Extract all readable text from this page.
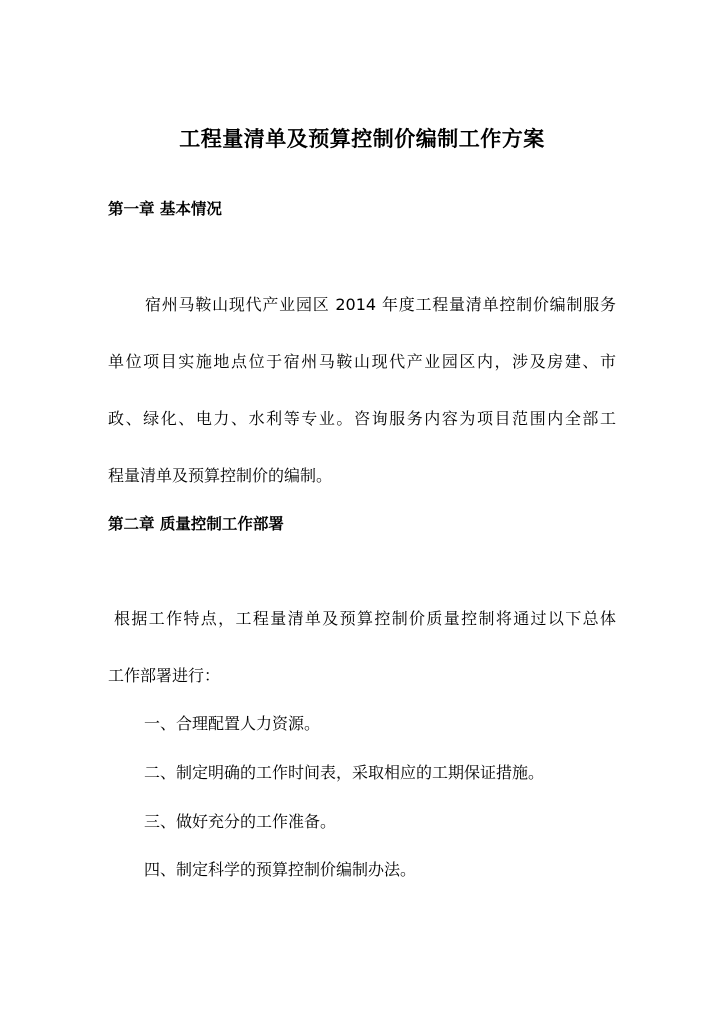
工程量清单及预算控制价编制工作方案
第一章 基本情况
宿州马鞍山现代产业园区 2014 年度工程量清单控制价编制服务
单位项目实施地点位于宿州马鞍山现代产业园区内，涉及房建、市
政、绿化、电力、水利等专业。咨询服务内容为项目范围内全部工
程量清单及预算控制价的编制。
第二章 质量控制工作部署
根据工作特点，工程量清单及预算控制价质量控制将通过以下总体
工作部署进行：
一、合理配置人力资源。
二、制定明确的工作时间表，采取相应的工期保证措施。
三、做好充分的工作准备。
四、制定科学的预算控制价编制办法。
